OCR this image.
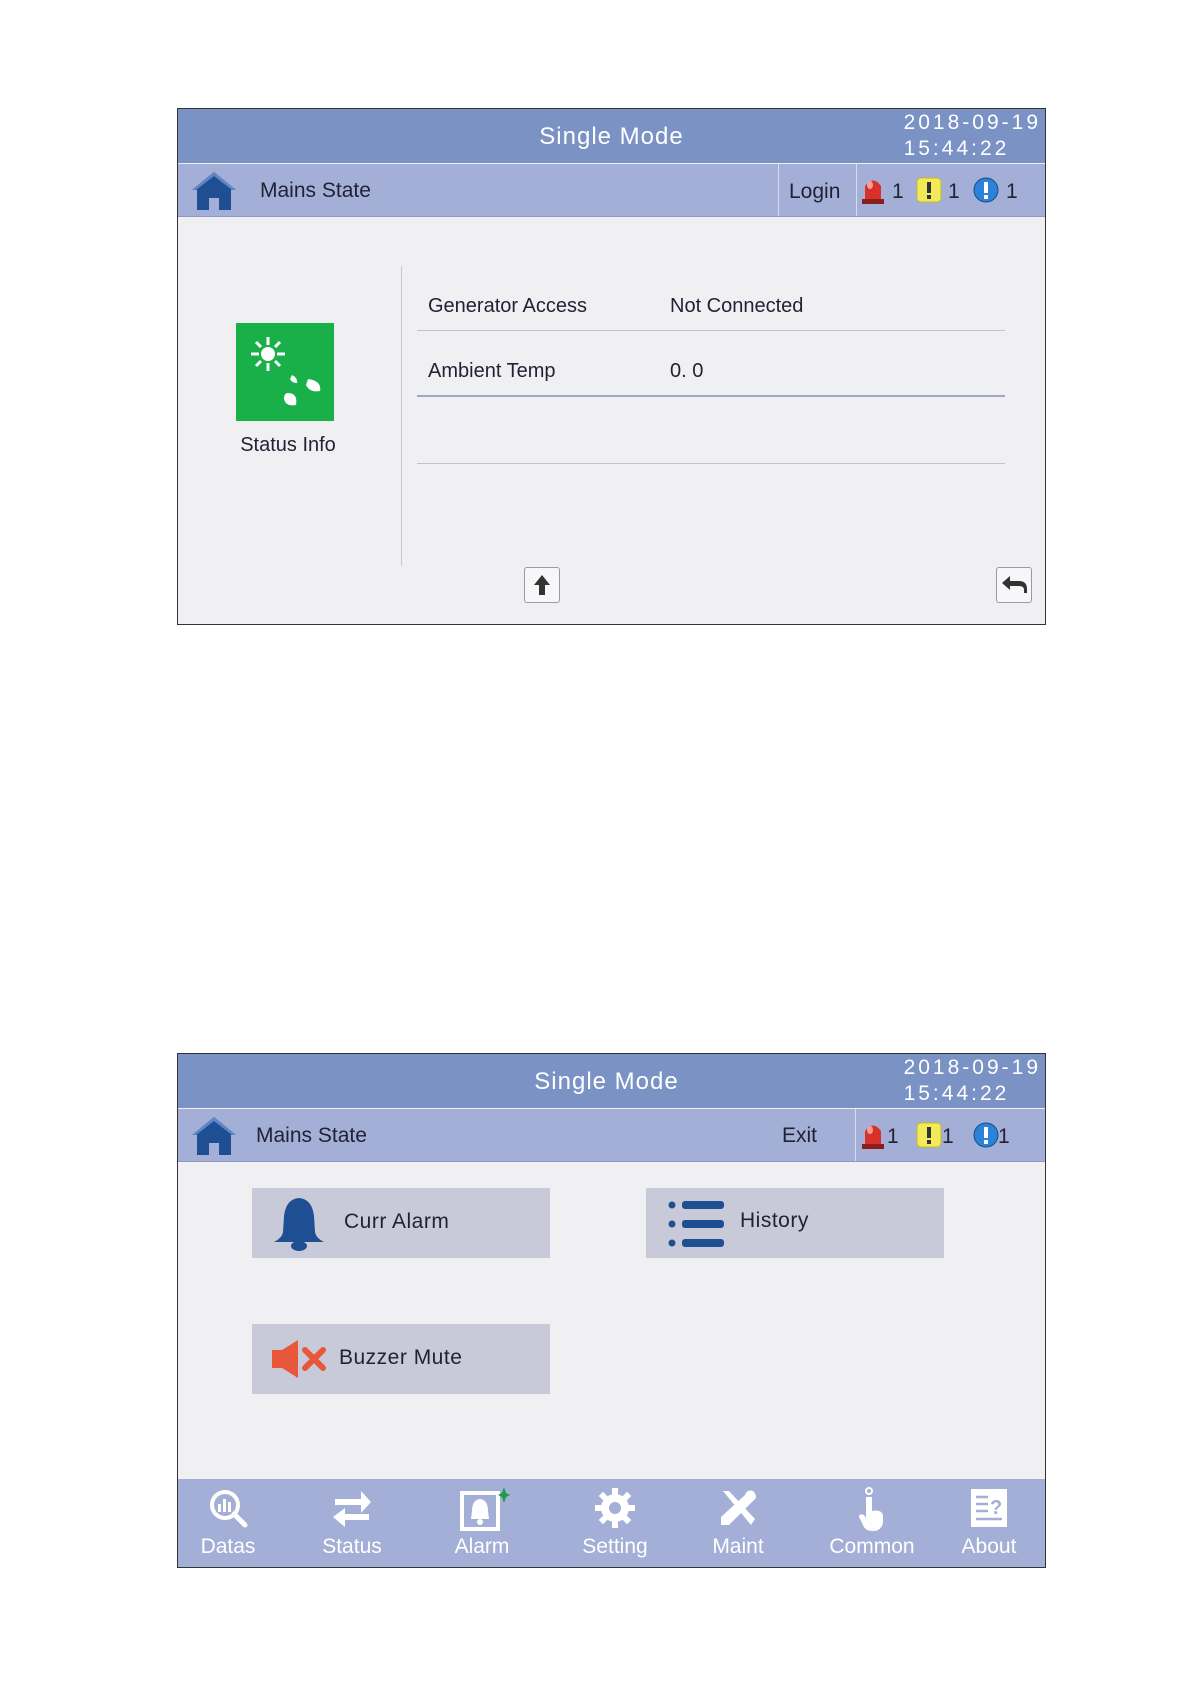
Single Mode
2018-09-19
15:44:22
Mains State	Login 1 1 1
Status Info
Generator Access	Not Connected
Ambient Temp	0. 0
Single Mode
2018-09-19
15:44:22
Mains State	Exit	1 1 1
Curr Alarm	History
Buzzer Mute
Datas	Status	Alarm	Setting	Maint	Common
?
About
